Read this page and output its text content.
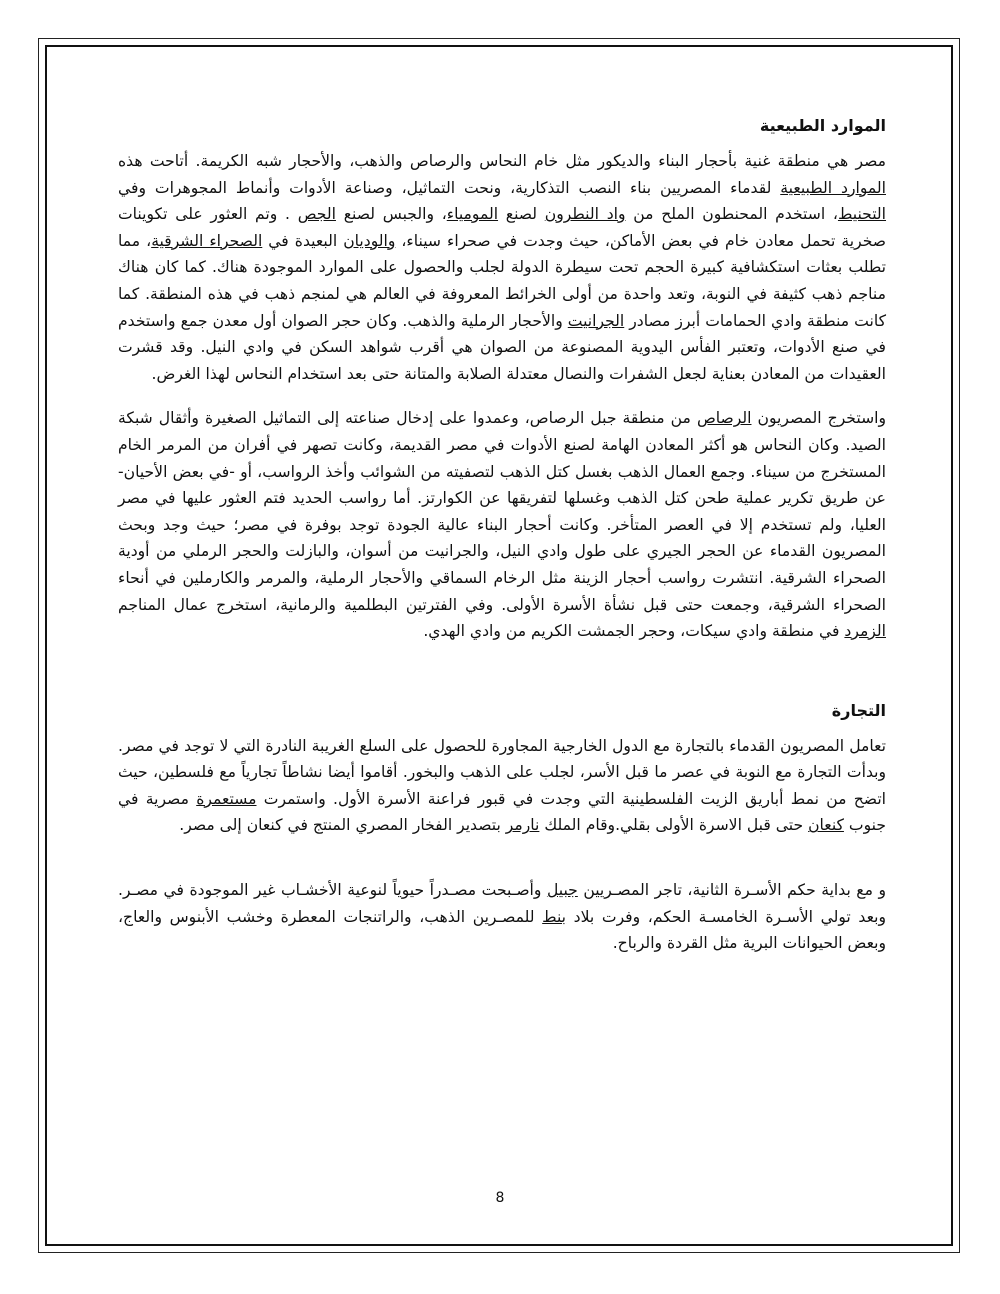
الموارد الطبيعية

مصر هي منطقة غنية بأحجار البناء والديكور مثل خام النحاس والرصاص والذهب، والأحجار شبه الكريمة. أتاحت هذه الموارد الطبيعية لقدماء المصريين بناء النصب التذكارية، ونحت التماثيل، وصناعة الأدوات وأنماط المجوهرات وفي التحنيط، استخدم المحنطون الملح من واد النطرون لصنع المومياء، والجبس لصنع الجص . وتم العثور على تكوينات صخرية تحمل معادن خام في بعض الأماكن، حيث وجدت في صحراء سيناء، والوديان البعيدة في الصحراء الشرقية، مما تطلب بعثات استكشافية كبيرة الحجم تحت سيطرة الدولة لجلب والحصول على الموارد الموجودة هناك. كما كان هناك مناجم ذهب كثيفة في النوبة، وتعد واحدة من أولى الخرائط المعروفة في العالم هي لمنجم ذهب في هذه المنطقة. كما كانت منطقة وادي الحمامات أبرز مصادر الجرانيت والأحجار الرملية والذهب. وكان حجر الصوان أول معدن جمع واستخدم في صنع الأدوات، وتعتبر الفأس اليدوية المصنوعة من الصوان هي أقرب شواهد السكن في وادي النيل. وقد قشرت العقيدات من المعادن بعناية لجعل الشفرات والنصال معتدلة الصلابة والمتانة حتى بعد استخدام النحاس لهذا الغرض.

واستخرج المصريون الرصاص من منطقة جبل الرصاص، وعمدوا على إدخال صناعته إلى التماثيل الصغيرة وأثقال شبكة الصيد. وكان النحاس هو أكثر المعادن الهامة لصنع الأدوات في مصر القديمة، وكانت تصهر في أفران من المرمر الخام المستخرج من سيناء. وجمع العمال الذهب بغسل كتل الذهب لتصفيته من الشوائب وأخذ الرواسب، أو -في بعض الأحيان- عن طريق تكرير عملية طحن كتل الذهب وغسلها لتفريقها عن الكوارتز. أما رواسب الحديد فتم العثور عليها في مصر العليا، ولم تستخدم إلا في العصر المتأخر. وكانت أحجار البناء عالية الجودة توجد بوفرة في مصر؛ حيث وجد وبحث المصريون القدماء عن الحجر الجيري على طول وادي النيل، والجرانيت من أسوان، والبازلت والحجر الرملي من أودية الصحراء الشرقية. انتشرت رواسب أحجار الزينة مثل الرخام السماقي والأحجار الرملية، والمرمر والكارملين في أنحاء الصحراء الشرقية، وجمعت حتى قبل نشأة الأسرة الأولى. وفي الفترتين البطلمية والرمانية، استخرج عمال المناجم الزمرد في منطقة وادي سيكات، وحجر الجمشت الكريم من وادي الهدي.

التجارة

تعامل المصريون القدماء بالتجارة مع الدول الخارجية المجاورة للحصول على السلع الغريبة النادرة التي لا توجد في مصر. وبدأت التجارة مع النوبة في عصر ما قبل الأسر، لجلب على الذهب والبخور. أقاموا أيضا نشاطاً تجارياً مع فلسطين، حيث اتضح من نمط أباريق الزيت الفلسطينية التي وجدت في قبور فراعنة الأسرة الأول. واستمرت مستعمرة مصرية في جنوب كنعان حتى قبل الاسرة الأولى بقلي.وقام الملك نارمر بتصدير الفخار المصري المنتج في كنعان إلى مصر.

و مع بداية حكم الأسـرة الثانية، تاجر المصـريين جبيل وأصـبحت مصـدراً حيوياً لنوعية الأخشـاب غير الموجودة في مصـر. وبعد تولي الأسـرة الخامسـة الحكم، وفرت بلاد بنط للمصـرين الذهب، والراتنجات المعطرة وخشب الأبنوس والعاج، وبعض الحيوانات البرية مثل القردة والرباح.

8
